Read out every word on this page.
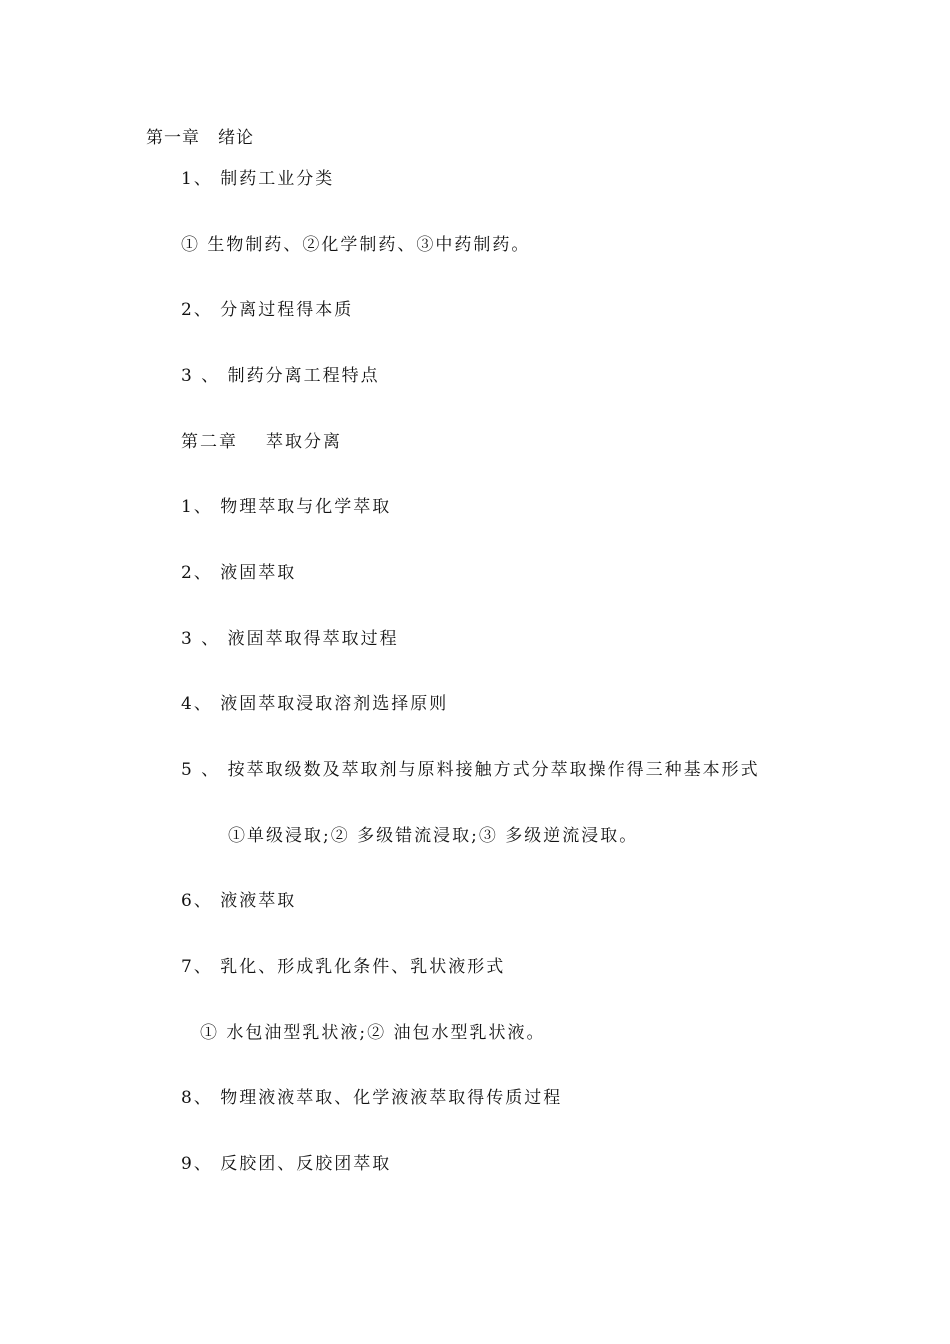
第一章 绪论
1、 制药工业分类
① 生物制药、②化学制药、③中药制药。
2、 分离过程得本质
3 、 制药分离工程特点
第二章 萃取分离
1、 物理萃取与化学萃取
2、 液固萃取
3 、 液固萃取得萃取过程
4、 液固萃取浸取溶剂选择原则
5 、 按萃取级数及萃取剂与原料接触方式分萃取操作得三种基本形式
①单级浸取;② 多级错流浸取;③ 多级逆流浸取。
6、 液液萃取
7、 乳化、形成乳化条件、乳状液形式
① 水包油型乳状液;② 油包水型乳状液。
8、 物理液液萃取、化学液液萃取得传质过程
9、 反胶团、反胶团萃取
